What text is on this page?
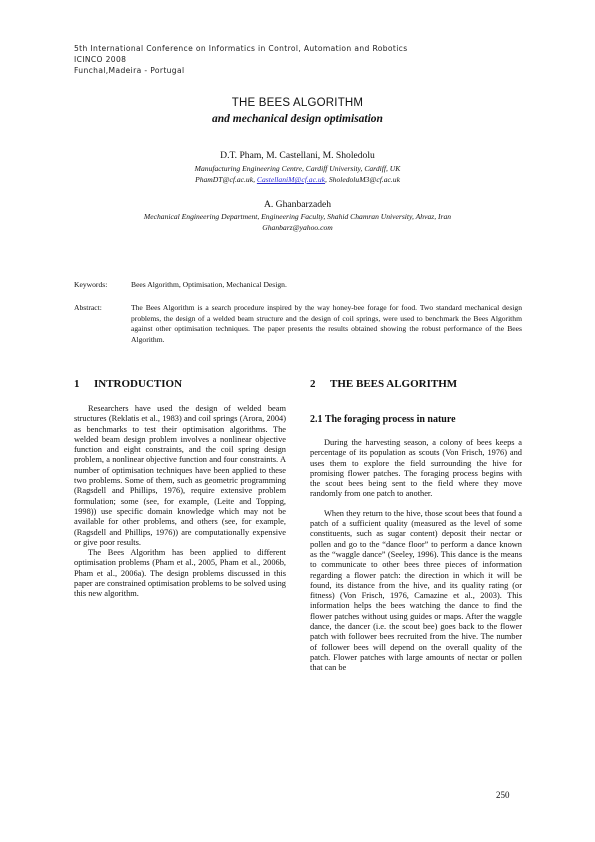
5th International Conference on Informatics in Control, Automation and Robotics
ICINCO 2008
Funchal,Madeira - Portugal
THE BEES ALGORITHM
and mechanical design optimisation
D.T. Pham, M. Castellani, M. Sholedolu
Manufacturing Engineering Centre, Cardiff University, Cardiff, UK
PhamDT@cf.ac.uk, CastellaniM@cf.ac.uk, SholedoluM3@cf.ac.uk
A. Ghanbarzadeh
Mechanical Engineering Department, Engineering Faculty, Shahid Chamran University, Ahvaz, Iran
Ghanbarz@yahoo.com
Keywords:	Bees Algorithm, Optimisation, Mechanical Design.
Abstract:	The Bees Algorithm is a search procedure inspired by the way honey-bee forage for food. Two standard mechanical design problems, the design of a welded beam structure and the design of coil springs, were used to benchmark the Bees Algorithm against other optimisation techniques. The paper presents the results obtained showing the robust performance of the Bees Algorithm.
1 INTRODUCTION

Researchers have used the design of welded beam structures (Reklatis et al., 1983) and coil springs (Arora, 2004) as benchmarks to test their optimisation algorithms. The welded beam design problem involves a nonlinear objective function and eight constraints, and the coil spring design problem, a nonlinear objective function and four constraints. A number of optimisation techniques have been applied to these two problems. Some of them, such as geometric programming (Ragsdell and Phillips, 1976), require extensive problem formulation; some (see, for example, (Leite and Topping, 1998)) use specific domain knowledge which may not be available for other problems, and others (see, for example, (Ragsdell and Phillips, 1976)) are computationally expensive or give poor results.

The Bees Algorithm has been applied to different optimisation problems (Pham et al., 2005, Pham et al., 2006b, Pham et al., 2006a). The design problems discussed in this paper are constrained optimisation problems to be solved using this new algorithm.

2 THE BEES ALGORITHM
2.1 The foraging process in nature

During the harvesting season, a colony of bees keeps a percentage of its population as scouts (Von Frisch, 1976) and uses them to explore the field surrounding the hive for promising flower patches. The foraging process begins with the scout bees being sent to the field where they move randomly from one patch to another.

When they return to the hive, those scout bees that found a patch of a sufficient quality (measured as the level of some constituents, such as sugar content) deposit their nectar or pollen and go to the “dance floor” to perform a dance known as the “waggle dance” (Seeley, 1996). This dance is the means to communicate to other bees three pieces of information regarding a flower patch: the direction in which it will be found, its distance from the hive, and its quality rating (or fitness) (Von Frisch, 1976, Camazine et al., 2003). This information helps the bees watching the dance to find the flower patches without using guides or maps. After the waggle dance, the dancer (i.e. the scout bee) goes back to the flower patch with follower bees recruited from the hive. The number of follower bees will depend on the overall quality of the patch. Flower patches with large amounts of nectar or pollen that can be

250
